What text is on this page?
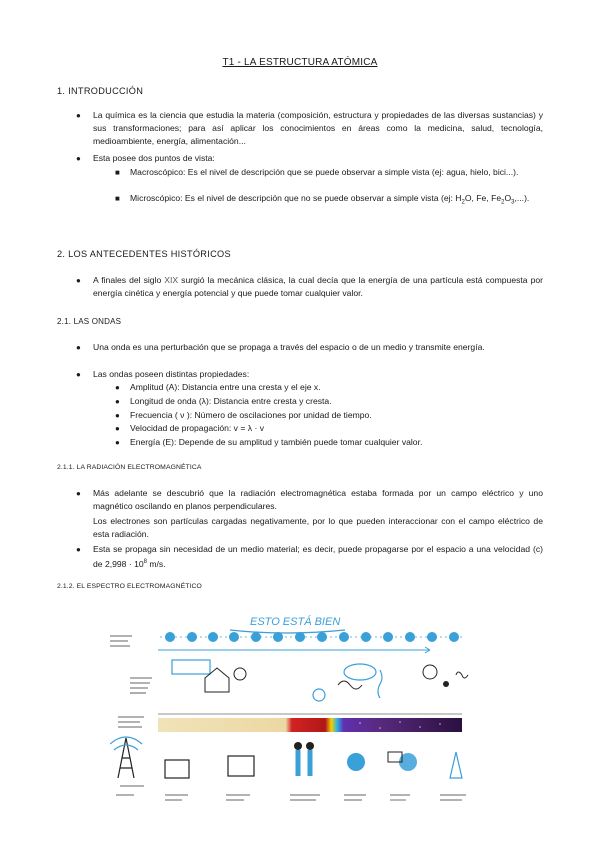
T1 - LA ESTRUCTURA ATÓMICA
1. INTRODUCCIÓN
● La química es la ciencia que estudia la materia (composición, estructura y propiedades de las diversas sustancias) y sus transformaciones; para así aplicar los conocimientos en áreas como la medicina, salud, tecnología, medioambiente, energía, alimentación...
● Esta posee dos puntos de vista:
■ Macroscópico: Es el nivel de descripción que se puede observar a simple vista (ej: agua, hielo, bici...).
■ Microscópico: Es el nivel de descripción que no se puede observar a simple vista (ej: $H_2O$, Fe, $Fe_2O_3$,...).
2. LOS ANTECEDENTES HISTÓRICOS
● A finales del siglo XIX surgió la mecánica clásica, la cual decía que la energía de una partícula está compuesta por energía cinética y energía potencial y que puede tomar cualquier valor.
2.1. LAS ONDAS
● Una onda es una perturbación que se propaga a través del espacio o de un medio y transmite energía.
● Las ondas poseen distintas propiedades:
● Amplitud (A): Distancia entre una cresta y el eje x.
● Longitud de onda (λ): Distancia entre cresta y cresta.
● Frecuencia ( ν ): Número de oscilaciones por unidad de tiempo.
● Velocidad de propagación: v = λ · v
● Energía (E): Depende de su amplitud y también puede tomar cualquier valor.
2.1.1. LA RADIACIÓN ELECTROMAGNÉTICA
● Más adelante se descubrió que la radiación electromagnética estaba formada por un campo eléctrico y uno magnético oscilando en planos perpendiculares.
Los electrones son partículas cargadas negativamente, por lo que pueden interaccionar con el campo eléctrico de esta radiación.
● Esta se propaga sin necesidad de un medio material; es decir, puede propagarse por el espacio a una velocidad (c) de $2,998 \cdot 10^8$ m/s.
2.1.2. EL ESPECTRO ELECTROMAGNÉTICO
ESTO ESTÁ BIEN
